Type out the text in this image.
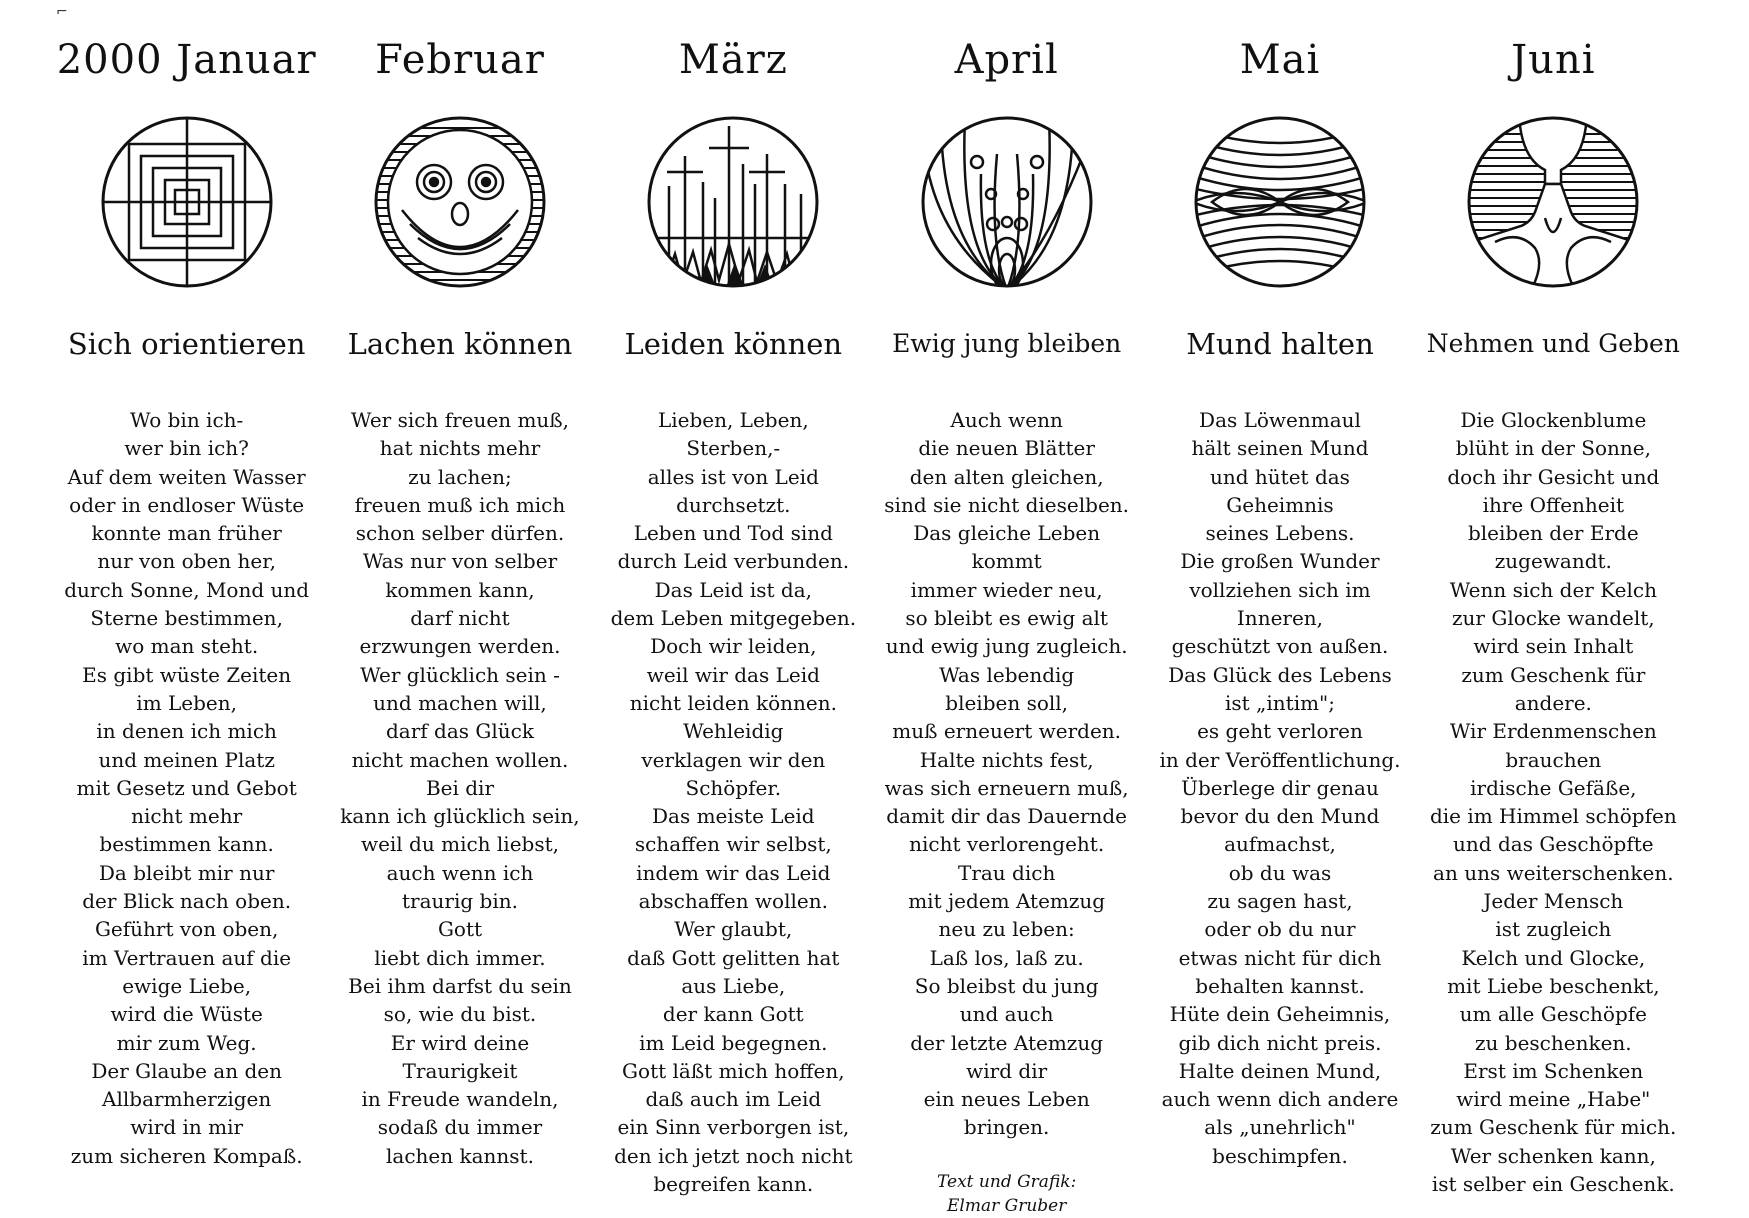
⌐
2000 Januar
Sich orientieren
Wo bin ich-
wer bin ich?
Auf dem weiten Wasser
oder in endloser Wüste
konnte man früher
nur von oben her,
durch Sonne, Mond und
Sterne bestimmen,
wo man steht.
Es gibt wüste Zeiten
im Leben,
in denen ich mich
und meinen Platz
mit Gesetz und Gebot
nicht mehr
bestimmen kann.
Da bleibt mir nur
der Blick nach oben.
Geführt von oben,
im Vertrauen auf die
ewige Liebe,
wird die Wüste
mir zum Weg.
Der Glaube an den
Allbarmherzigen
wird in mir
zum sicheren Kompaß.
Februar
Lachen können
Wer sich freuen muß,
hat nichts mehr
zu lachen;
freuen muß ich mich
schon selber dürfen.
Was nur von selber
kommen kann,
darf nicht
erzwungen werden.
Wer glücklich sein -
und machen will,
darf das Glück
nicht machen wollen.
Bei dir
kann ich glücklich sein,
weil du mich liebst,
auch wenn ich
traurig bin.
Gott
liebt dich immer.
Bei ihm darfst du sein
so, wie du bist.
Er wird deine
Traurigkeit
in Freude wandeln,
sodaß du immer
lachen kannst.
März
Leiden können
Lieben, Leben,
Sterben,-
alles ist von Leid
durchsetzt.
Leben und Tod sind
durch Leid verbunden.
Das Leid ist da,
dem Leben mitgegeben.
Doch wir leiden,
weil wir das Leid
nicht leiden können.
Wehleidig
verklagen wir den
Schöpfer.
Das meiste Leid
schaffen wir selbst,
indem wir das Leid
abschaffen wollen.
Wer glaubt,
daß Gott gelitten hat
aus Liebe,
der kann Gott
im Leid begegnen.
Gott läßt mich hoffen,
daß auch im Leid
ein Sinn verborgen ist,
den ich jetzt noch nicht
begreifen kann.
April
Ewig jung bleiben
Auch wenn
die neuen Blätter
den alten gleichen,
sind sie nicht dieselben.
Das gleiche Leben
kommt
immer wieder neu,
so bleibt es ewig alt
und ewig jung zugleich.
Was lebendig
bleiben soll,
muß erneuert werden.
Halte nichts fest,
was sich erneuern muß,
damit dir das Dauernde
nicht verlorengeht.
Trau dich
mit jedem Atemzug
neu zu leben:
Laß los, laß zu.
So bleibst du jung
und auch
der letzte Atemzug
wird dir
ein neues Leben
bringen.
Text und Grafik:
Elmar Gruber
Mai
Mund halten
Das Löwenmaul
hält seinen Mund
und hütet das
Geheimnis
seines Lebens.
Die großen Wunder
vollziehen sich im
Inneren,
geschützt von außen.
Das Glück des Lebens
ist „intim";
es geht verloren
in der Veröffentlichung.
Überlege dir genau
bevor du den Mund
aufmachst,
ob du was
zu sagen hast,
oder ob du nur
etwas nicht für dich
behalten kannst.
Hüte dein Geheimnis,
gib dich nicht preis.
Halte deinen Mund,
auch wenn dich andere
als „unehrlich"
beschimpfen.
Juni
Nehmen und Geben
Die Glockenblume
blüht in der Sonne,
doch ihr Gesicht und
ihre Offenheit
bleiben der Erde
zugewandt.
Wenn sich der Kelch
zur Glocke wandelt,
wird sein Inhalt
zum Geschenk für
andere.
Wir Erdenmenschen
brauchen
irdische Gefäße,
die im Himmel schöpfen
und das Geschöpfte
an uns weiterschenken.
Jeder Mensch
ist zugleich
Kelch und Glocke,
mit Liebe beschenkt,
um alle Geschöpfe
zu beschenken.
Erst im Schenken
wird meine „Habe"
zum Geschenk für mich.
Wer schenken kann,
ist selber ein Geschenk.
